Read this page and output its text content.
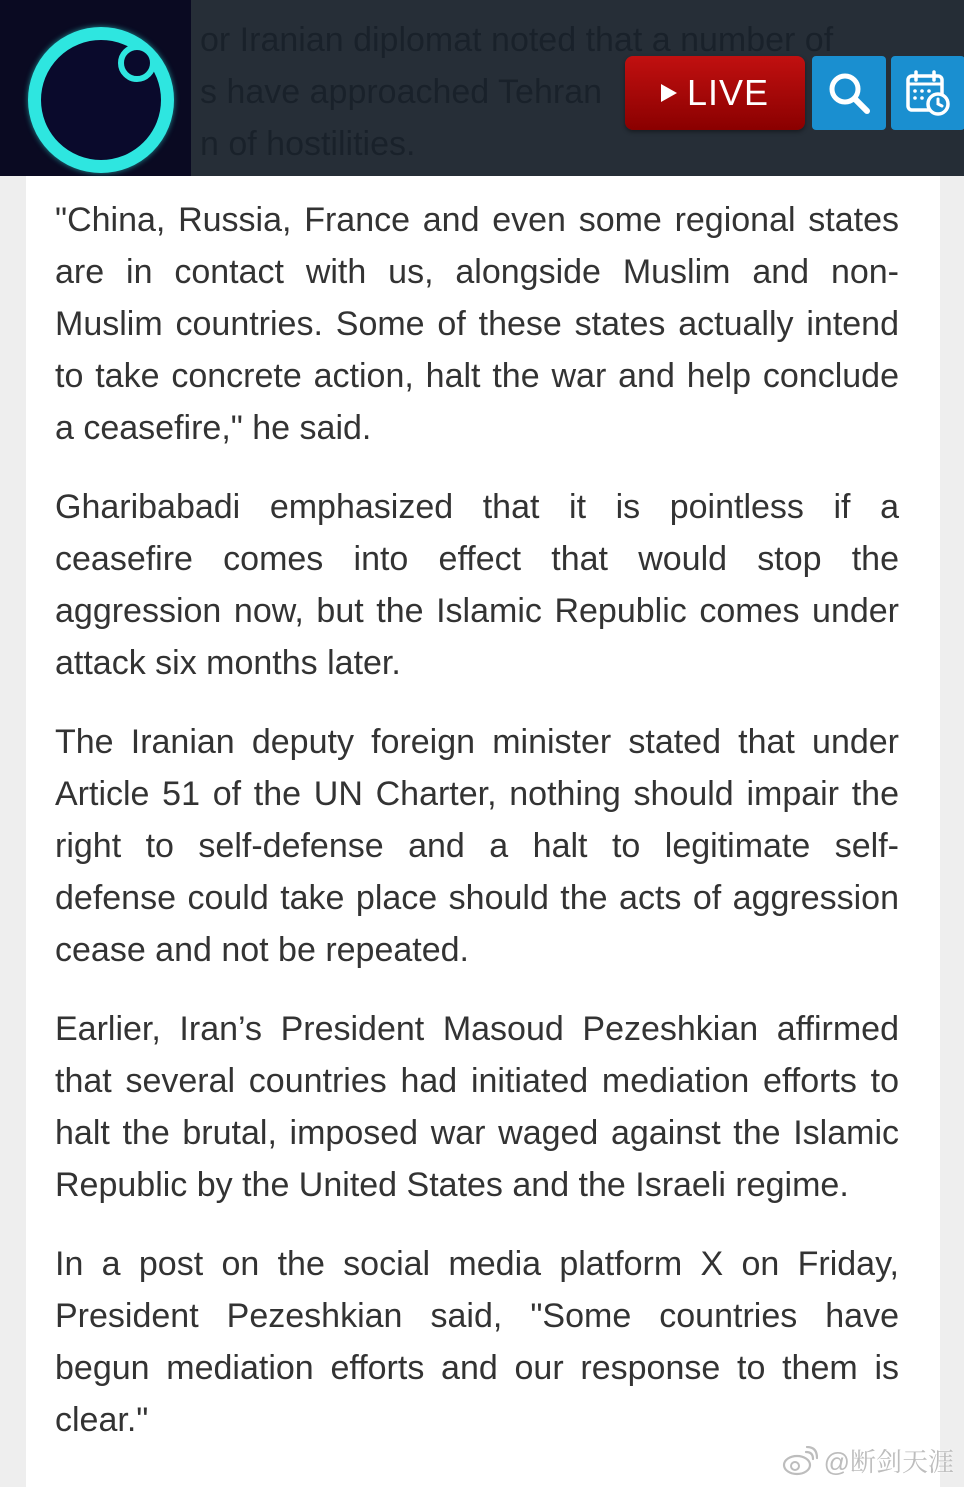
LIVE

"China, Russia, France and even some regional states are in contact with us, alongside Muslim and non-Muslim countries. Some of these states actually intend to take concrete action, halt the war and help conclude a ceasefire," he said.

Gharibabadi emphasized that it is pointless if a ceasefire comes into effect that would stop the aggression now, but the Islamic Republic comes under attack six months later.

The Iranian deputy foreign minister stated that under Article 51 of the UN Charter, nothing should impair the right to self-defense and a halt to legitimate self-defense could take place should the acts of aggression cease and not be repeated.

Earlier, Iran’s President Masoud Pezeshkian affirmed that several countries had initiated mediation efforts to halt the brutal, imposed war waged against the Islamic Republic by the United States and the Israeli regime.

In a post on the social media platform X on Friday, President Pezeshkian said, "Some countries have begun mediation efforts and our response to them is clear."

@断剑天涯
